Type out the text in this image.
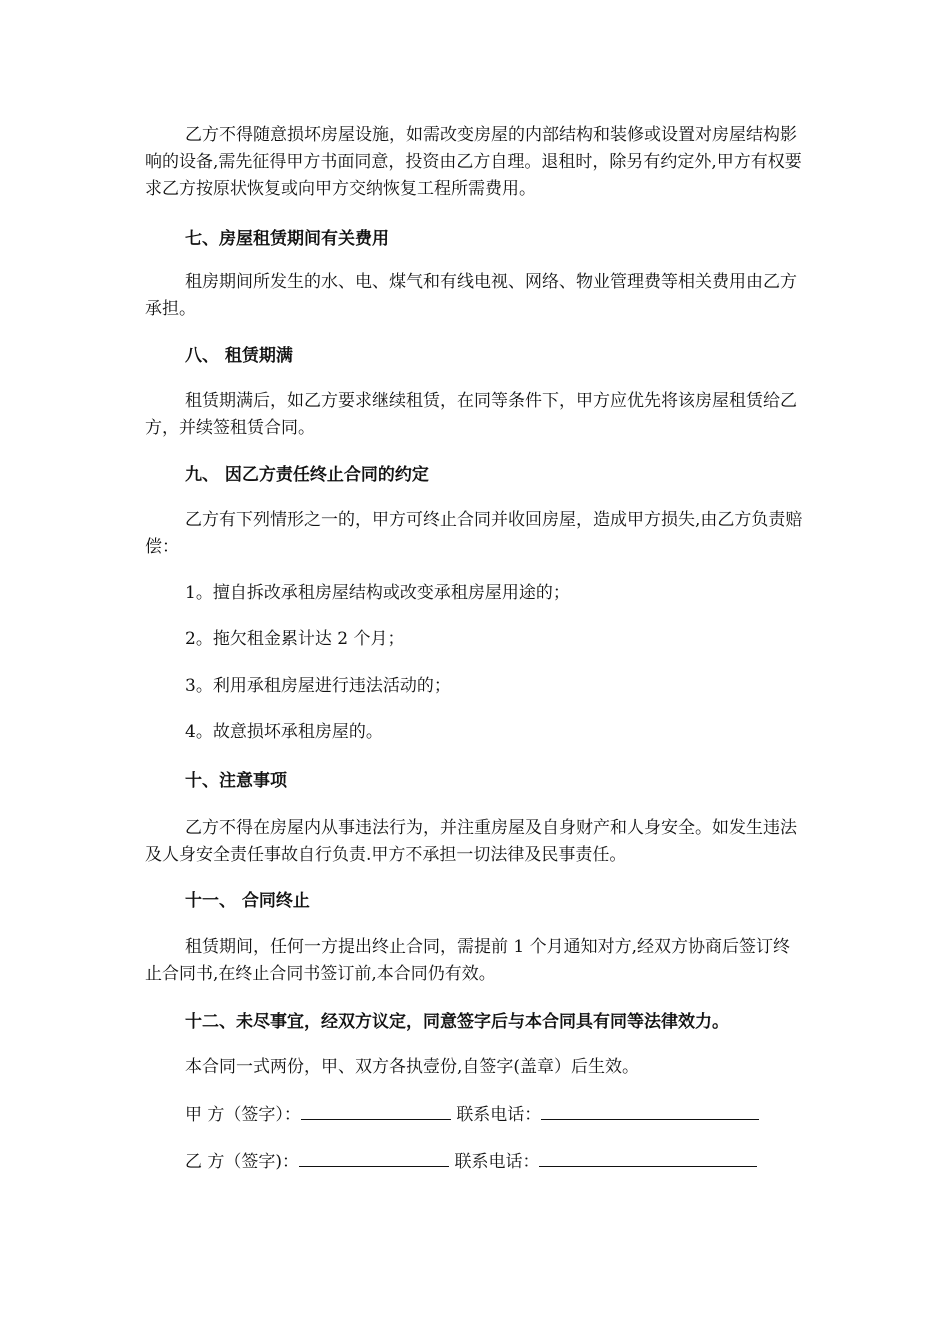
乙方不得随意损坏房屋设施，如需改变房屋的内部结构和装修或设置对房屋结构影响的设备,需先征得甲方书面同意，投资由乙方自理。退租时，除另有约定外,甲方有权要求乙方按原状恢复或向甲方交纳恢复工程所需费用。
七、房屋租赁期间有关费用
租房期间所发生的水、电、煤气和有线电视、网络、物业管理费等相关费用由乙方承担。
八、 租赁期满
租赁期满后，如乙方要求继续租赁，在同等条件下，甲方应优先将该房屋租赁给乙方，并续签租赁合同。
九、 因乙方责任终止合同的约定
乙方有下列情形之一的，甲方可终止合同并收回房屋，造成甲方损失,由乙方负责赔偿：
1。擅自拆改承租房屋结构或改变承租房屋用途的；
2。拖欠租金累计达 2 个月；
3。利用承租房屋进行违法活动的；
4。故意损坏承租房屋的。
十、注意事项
乙方不得在房屋内从事违法行为，并注重房屋及自身财产和人身安全。如发生违法及人身安全责任事故自行负责.甲方不承担一切法律及民事责任。
十一、 合同终止
租赁期间，任何一方提出终止合同，需提前 1 个月通知对方,经双方协商后签订终止合同书,在终止合同书签订前,本合同仍有效。
十二、未尽事宜，经双方议定，同意签字后与本合同具有同等法律效力。
本合同一式两份，甲、双方各执壹份,自签字(盖章）后生效。
甲 方（签字）：	联系电话：
乙 方（签字)：	联系电话：
